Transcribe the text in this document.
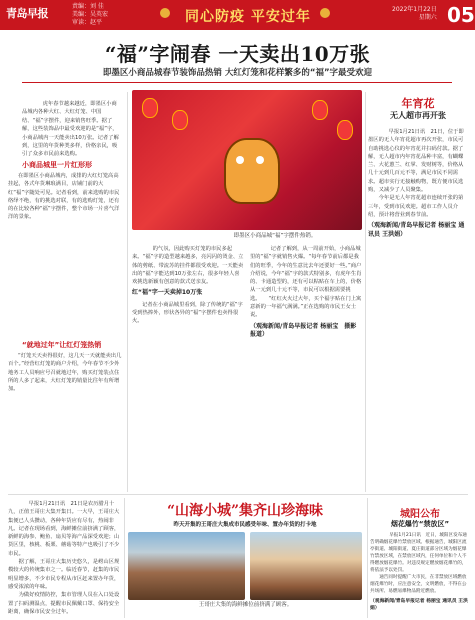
青岛早报
责编：刘 佳
美编：吴英宏
审读：赵平	同心防疫 平安过年	2022年1月22日
星期六 05
“福”字闹春 一天卖出10万张
即墨区小商品城春节装饰品热销 大红灯笼和花样繁多的“福”字最受欢迎

　　虎年春节越来越近，即墨区小商品城内各种大红、大红灯笼、中国结、“福”字摆件，迎来销售旺季。据了解，这些装饰品中最受欢迎的是“福”字，小商品城内一天能卖出10万张。记者了解到，这里的年货种类多样，价格亲民，吸引了众多市民前来选购。

即墨区小商品城“福”字摆件热销。
年宵花
无人超市再开张

　　早报1月21日讯　21日，位于即墨区的无人年宵花超市再次开张，市民可自助挑选心仪的年宵花并扫码付款。据了解，无人超市内年宵花品种丰富，有蝴蝶兰、大花蕙兰、红掌、发财树等，价格从几十元到几百元不等，满足市民不同需求。超市实行无接触购物，既方便市民选购，又减少了人员聚集。
　　今年是无人年宵花超市连续开张的第三年，受到市民欢迎。超市工作人员介绍，预计将营业到春节前。

（观海新闻/青岛早报记者 杨丽宝 通讯员 王洪娟）

小商品城里一片红形形

在即墨区小商品城内，成排的大红灯笼高高挂起，各式年货琳琅满目，店铺门前的大红“福”字随处可见。记者看到，前来选购的市民络绎不绝，有的挑选对联，有的选购灯笼，还有的在比较各种“福”字摆件，整个市场一片喜气洋洋的景象。

“就地过年”让红灯笼热销

“灯笼天天卖得很好，这几天一天就能卖出几百个。”经营红灯笼的商户介绍，今年春节不少外地务工人员响应号召就地过年，购买灯笼装点住所的人多了起来，大红灯笼的销量比往年有所增加。

　　的气氛，因此购买灯笼的市民多起来。“福”字的造型越来越多，亮闪闪的烫金、立体的剪纸、带流苏的挂件都很受欢迎。一天能卖出的“福”字能达到10万张左右，很多年轻人喜欢挑选新颖有创意的款式送亲友。

红“福”字一天卖掉10万张

记者在小商品城里看到，除了传统的“福”字受到热捧外，形状各异的“福”字摆件也卖得很火。

　　记者了解到，从一周前开始，小商品城里的“福”字就销售火爆。“每年春节前后都是我们的旺季，今年的生意比去年还要好一些。”商户介绍说，今年“福”字的款式特别多，有虎年生肖的、卡通造型的，还有可以粘贴在车上的，价格从一元到几十元不等，市民可以根据需要挑选。　　“红红火火过大年，买个福字贴在门上寓意新的一年福气满满。”正在选购的市民王女士说。

（观海新闻/青岛早报记者 杨丽宝　摄影报道）

“山海小城”集齐山珍海味
昨天开集的王哥庄大集成市民感受年味、置办年货的打卡地

　　早报1月21日讯　21日是农历腊月十九，正值王哥庄大集开集日。一大早，王哥庄大集便已人头攒动，各种年货应有尽有，热闹非凡。记者在现场看到，海鲜摊位前挤满了顾客，新鲜的海参、鲍鱼、扇贝等海产品深受欢迎；山货区里，核桃、板栗、蘑菇等特产也吸引了不少市民。
　　据了解，王哥庄大集历史悠久，是崂山区规模较大的传统集市之一。临近春节，赶集的市民明显增多，不少市民专程从市区赶来置办年货，感受浓浓的年味。
　　为做好疫情防控，集市管理人员在入口处设置了扫码测温点，提醒市民佩戴口罩、保持安全距离，确保市民安全过年。

王哥庄大集的海鲜摊位前挤满了顾客。
城阳公布
烟花爆竹“禁放区”

　　早报1月21日讯　近日，城阳区发布通告明确烟花爆竹禁放区域。根据通告，城阳区流亭街道、城阳街道、夏庄街道部分区域为烟花爆竹禁放区域，在禁放区域内，任何单位和个人不得燃放烟花爆竹。对违反规定燃放烟花爆竹的，将依法予以处罚。
　　通告同时提醒广大市民，在非禁放区域燃放烟花爆竹时，应注意安全，文明燃放，不得在公共场所、易燃易爆物品附近燃放。

（观海新闻/青岛早报记者 杨丽宝 通讯员 王洪娟）
